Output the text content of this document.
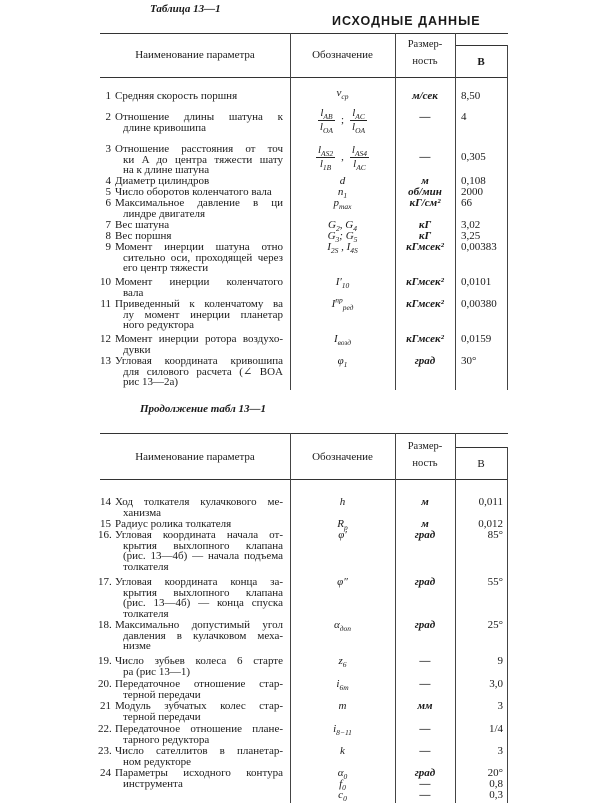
Таблица 13—1
ИСХОДНЫЕ ДАННЫЕ
Наименование параметра	Обозначение
Размер-
ность	В
1 Средняя скорость поршня	$v_{ср}$	м/сек	8,50
2 Отношение длины шатуна к
длине кривошипа	$\frac{l_{AB}}{l_{OA}}$ ; $\frac{l_{AC}}{l_{OA}}$	—	4
3 Отношение расстояния от точ
ки A до центра тяжести шату
на к длине шатуна
$\frac{l_{AS2}}{l_{1B}}$ , $\frac{l_{AS4}}{l_{AC}}$	—	0,305
4 Диаметр цилиндров	d	м	0,108
5 Число оборотов коленчатого вала	$n_1$	об/мин	2000
6 Максимальное давление в ци
линдре двигателя
$p_{max}$	кГ/см²	66
7 Вес шатуна	$G_2$, $G_4$	кГ	3,02
8 Вес поршня	$G_3$; $G_5$	кГ	3,25
9 Момент инерции шатуна отно
сительно оси, проходящей через
его центр тяжести
$I_{2S}$ , $I_{4S}$	кГмсек²	0,00383
10 Момент инерции коленчатого
вала
$I'_{10}$	кГмсек²	0,0101
11 Приведенный к коленчатому ва
лу момент инерции планетар
ного редуктора
$I^{пр}_{ред}$	кГмсек²	0,00380
12 Момент инерции ротора воздухо-
дувки
$I_{возд}$	кГмсек²	0,0159
13 Угловая координата кривошипа
для силового расчета (∠ BOA
рис 13—2а)
$\varphi_1$	град	30°
Продолжение табл 13—1
Наименование параметра	Обозначение
Размер-
ность	В
14 Ход толкателя кулачкового ме-
ханизма
h	м	0,011
15 Радиус ролика толкателя	$R_р$	м	0,012
16. Угловая координата начала от-
крытия выхлопного клапана
(рис. 13—4б) — начала подъема
толкателя
φ′	град	85°
17. Угловая координата конца за-
крытия выхлопного клапана
(рис. 13—4б) — конца спуска
толкателя
φ″	град	55°
18. Максимально допустимый угол
давления в кулачковом меха-
низме
$\alpha_{доп}$	град	25°
19. Число зубьев колеса 6 старте
ра (рис 13—1)
$z_6$	—	9
20. Передаточное отношение стар-
терной передачи
$i_{6т}$	—	3,0
21 Модуль зубчатых колес стар-
терной передачи
m	мм	3
22. Передаточное отношение плане-
тарного редуктора
$i_{8-11}$	—	1/4
23. Число сателлитов в планетар-
ном редукторе
k	—	3
24 Параметры исходного контура
инструмента
$\alpha_0$	град	20°
$f_0$	—	0,8
$c_0$	—	0,3
